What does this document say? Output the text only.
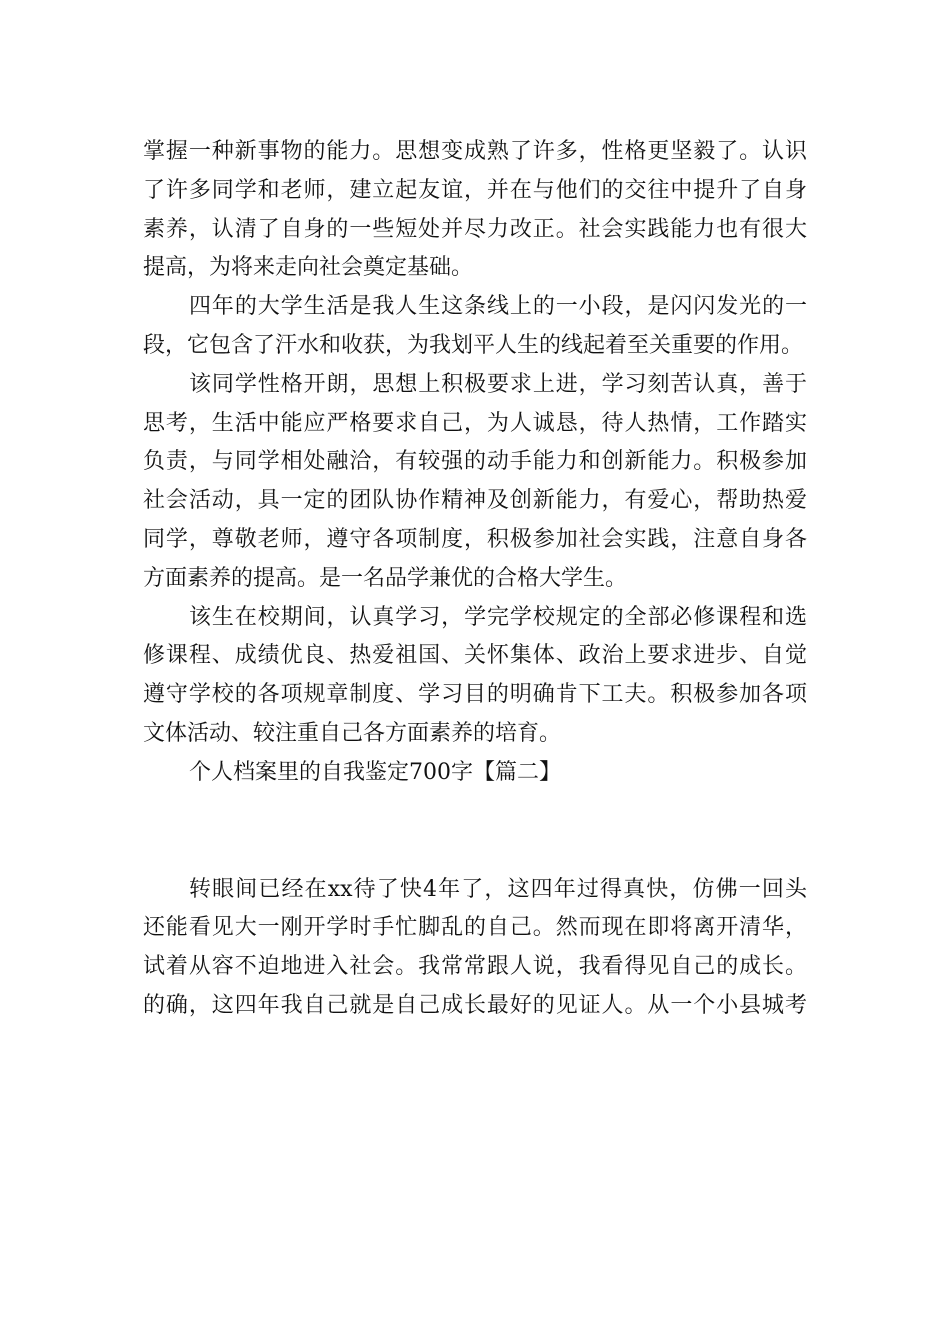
掌握一种新事物的能力。思想变成熟了许多，性格更坚毅了。认识
了许多同学和老师，建立起友谊，并在与他们的交往中提升了自身
素养，认清了自身的一些短处并尽力改正。社会实践能力也有很大
提高，为将来走向社会奠定基础。
四年的大学生活是我人生这条线上的一小段，是闪闪发光的一
段，它包含了汗水和收获，为我划平人生的线起着至关重要的作用。
该同学性格开朗，思想上积极要求上进，学习刻苦认真，善于
思考，生活中能应严格要求自己，为人诚恳，待人热情，工作踏实
负责，与同学相处融洽，有较强的动手能力和创新能力。积极参加
社会活动，具一定的团队协作精神及创新能力，有爱心，帮助热爱
同学，尊敬老师，遵守各项制度，积极参加社会实践，注意自身各
方面素养的提高。是一名品学兼优的合格大学生。
该生在校期间，认真学习，学完学校规定的全部必修课程和选
修课程、成绩优良、热爱祖国、关怀集体、政治上要求进步、自觉
遵守学校的各项规章制度、学习目的明确肯下工夫。积极参加各项
文体活动、较注重自己各方面素养的培育。
个人档案里的自我鉴定700字【篇二】
转眼间已经在xx待了快4年了，这四年过得真快，仿佛一回头
还能看见大一刚开学时手忙脚乱的自己。然而现在即将离开清华，
试着从容不迫地进入社会。我常常跟人说，我看得见自己的成长。
的确，这四年我自己就是自己成长最好的见证人。从一个小县城考
